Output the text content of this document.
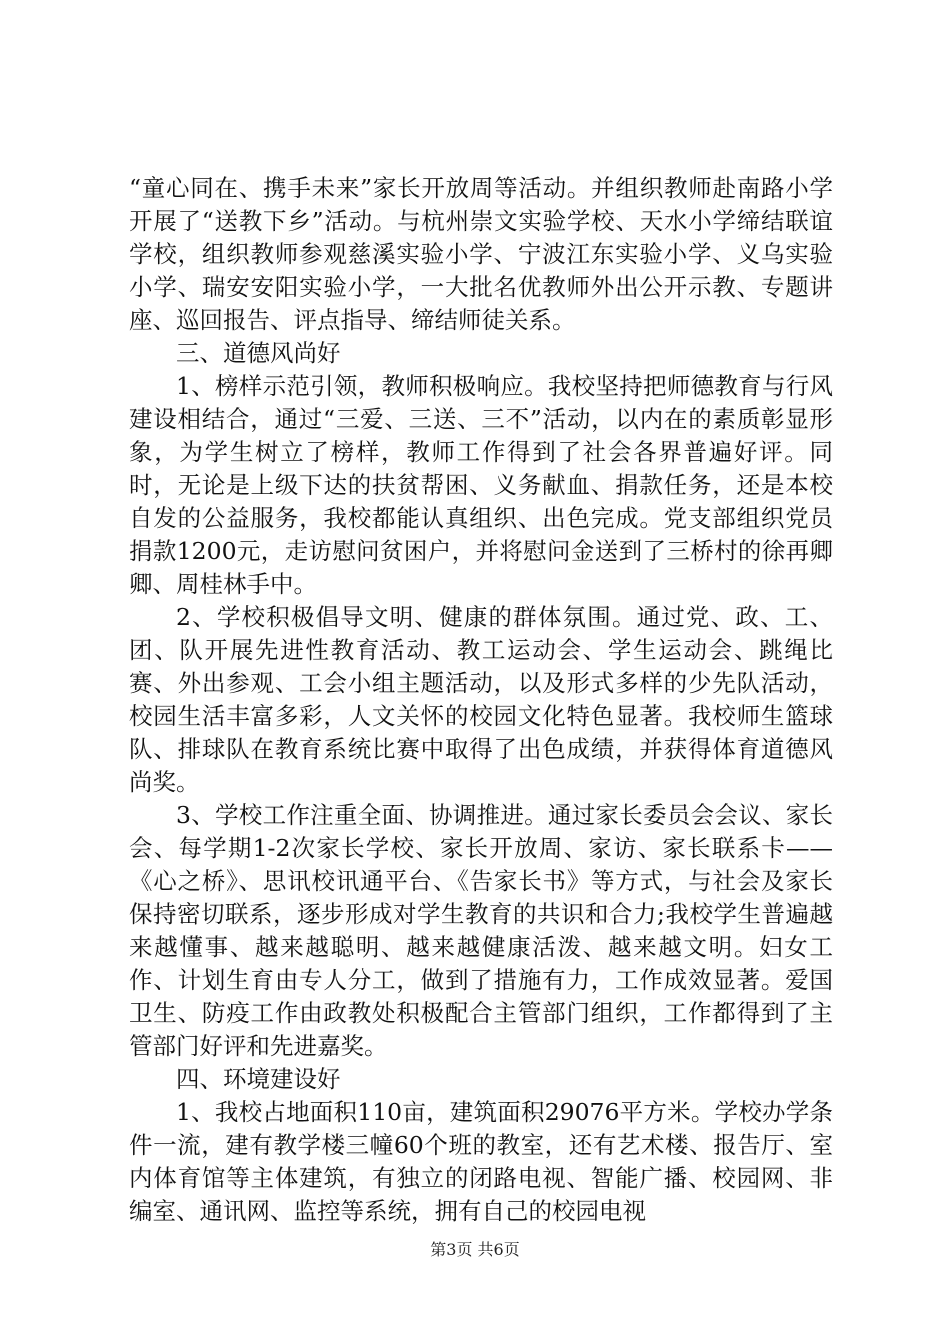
“童心同在、携手未来”家长开放周等活动。并组织教师赴南路小学开展了“送教下乡”活动。与杭州崇文实验学校、天水小学缔结联谊学校，组织教师参观慈溪实验小学、宁波江东实验小学、义乌实验小学、瑞安安阳实验小学，一大批名优教师外出公开示教、专题讲座、巡回报告、评点指导、缔结师徒关系。

三、道德风尚好

1、榜样示范引领，教师积极响应。我校坚持把师德教育与行风建设相结合，通过“三爱、三送、三不”活动，以内在的素质彰显形象，为学生树立了榜样，教师工作得到了社会各界普遍好评。同时，无论是上级下达的扶贫帮困、义务献血、捐款任务，还是本校自发的公益服务，我校都能认真组织、出色完成。党支部组织党员捐款1200元，走访慰问贫困户，并将慰问金送到了三桥村的徐再卿卿、周桂林手中。

2、学校积极倡导文明、健康的群体氛围。通过党、政、工、团、队开展先进性教育活动、教工运动会、学生运动会、跳绳比赛、外出参观、工会小组主题活动，以及形式多样的少先队活动，校园生活丰富多彩，人文关怀的校园文化特色显著。我校师生篮球队、排球队在教育系统比赛中取得了出色成绩，并获得体育道德风尚奖。

3、学校工作注重全面、协调推进。通过家长委员会会议、家长会、每学期1-2次家长学校、家长开放周、家访、家长联系卡——《心之桥》、思讯校讯通平台、《告家长书》等方式，与社会及家长保持密切联系，逐步形成对学生教育的共识和合力;我校学生普遍越来越懂事、越来越聪明、越来越健康活泼、越来越文明。妇女工作、计划生育由专人分工，做到了措施有力，工作成效显著。爱国卫生、防疫工作由政教处积极配合主管部门组织，工作都得到了主管部门好评和先进嘉奖。

四、环境建设好

1、我校占地面积110亩，建筑面积29076平方米。学校办学条件一流，建有教学楼三幢60个班的教室，还有艺术楼、报告厅、室内体育馆等主体建筑，有独立的闭路电视、智能广播、校园网、非编室、通讯网、监控等系统，拥有自己的校园电视

第3页 共6页
